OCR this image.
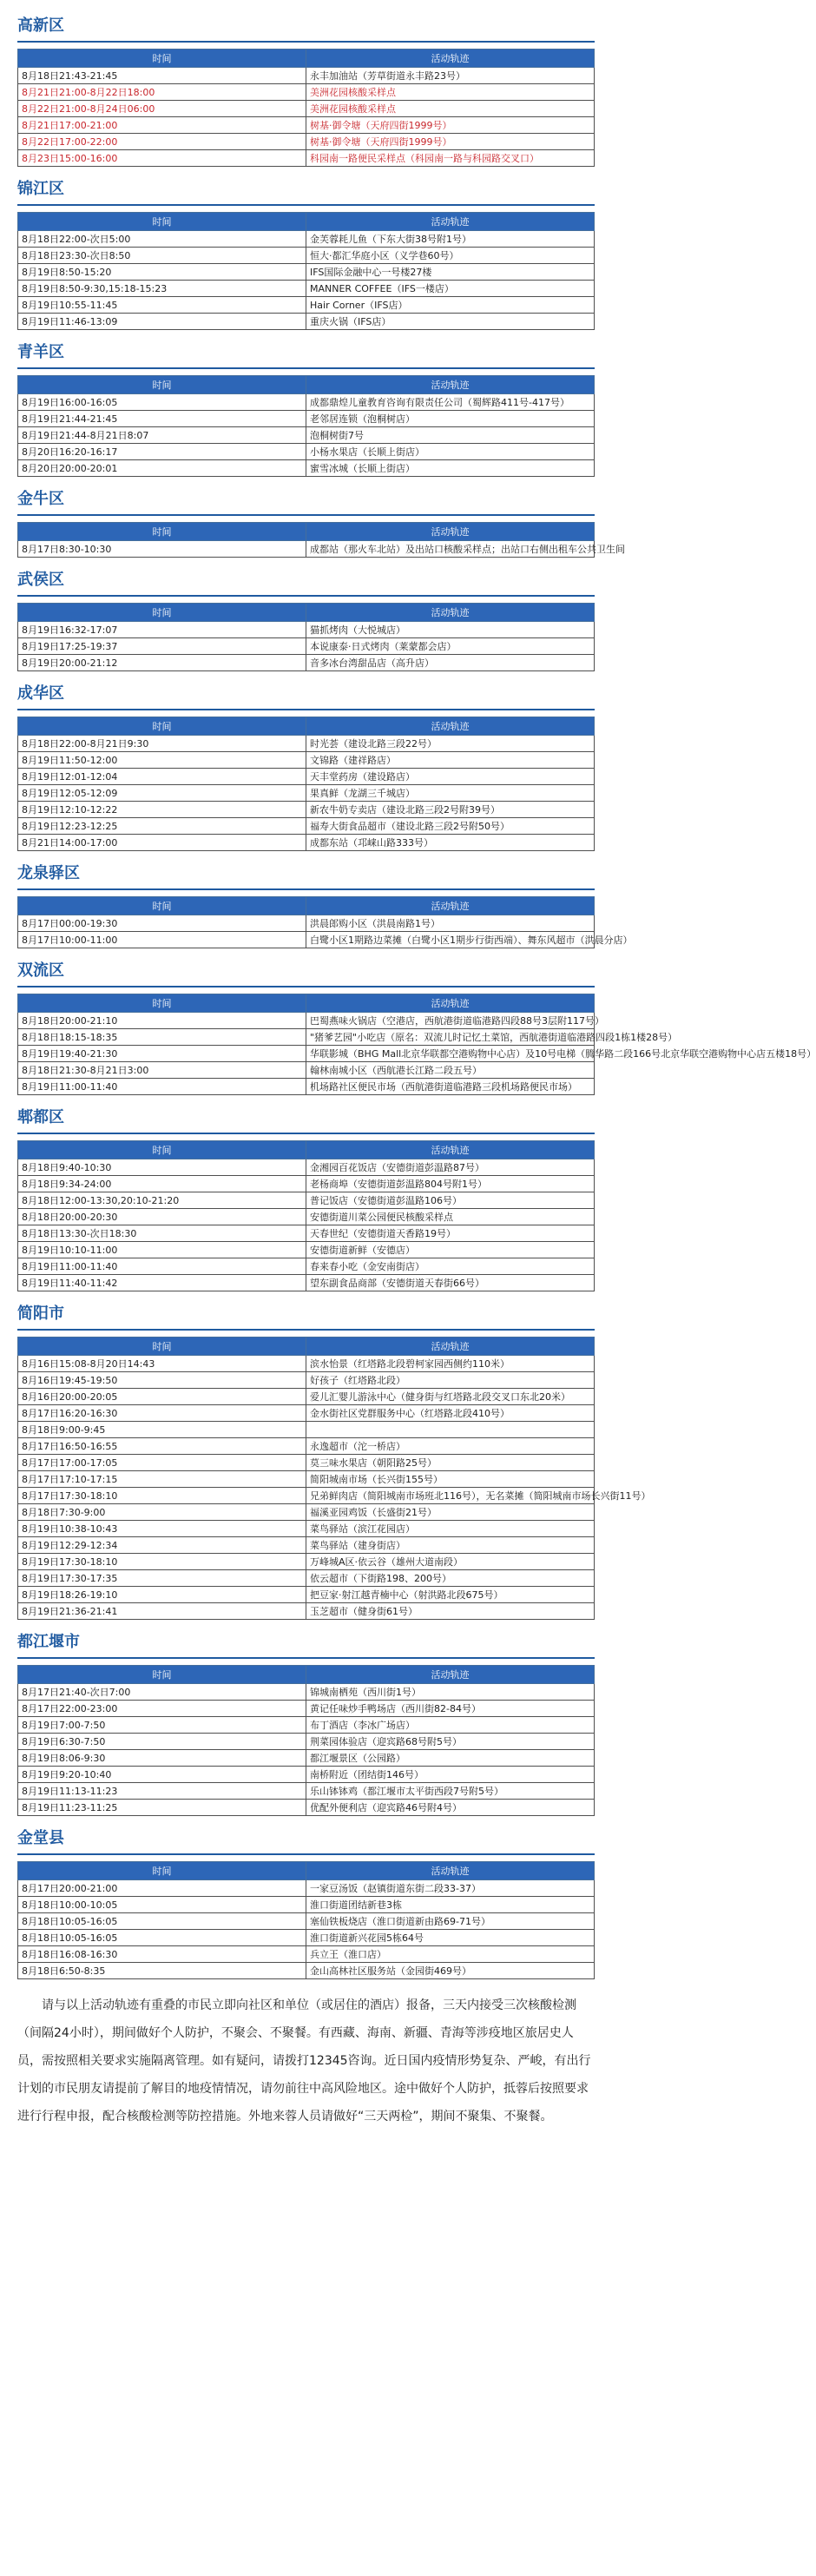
高新区
时间	活动轨迹
8月18日21:43-21:45	永丰加油站（芳草街道永丰路23号）
8月21日21:00-8月22日18:00	美洲花园核酸采样点
8月22日21:00-8月24日06:00	美洲花园核酸采样点
8月21日17:00-21:00	树基·御令塘（天府四街1999号）
8月22日17:00-22:00	树基·御令塘（天府四街1999号）
8月23日15:00-16:00	科园南一路便民采样点（科园南一路与科园路交叉口）
锦江区
时间	活动轨迹
8月18日22:00-次日5:00	金芙蓉耗儿鱼（下东大街38号附1号）
8月18日23:30-次日8:50	恒大·都汇华庭小区（义学巷60号）
8月19日8:50-15:20	IFS国际金融中心一号楼27楼
8月19日8:50-9:30,15:18-15:23	MANNER COFFEE（IFS一楼店）
8月19日10:55-11:45	Hair Corner（IFS店）
8月19日11:46-13:09	重庆火锅（IFS店）
青羊区
时间	活动轨迹
8月19日16:00-16:05	成都鼎煌儿童教育咨询有限责任公司（蜀辉路411号-417号）
8月19日21:44-21:45	老邻居连锁（泡桐树店）
8月19日21:44-8月21日8:07	泡桐树街7号
8月20日16:20-16:17	小杨水果店（长顺上街店）
8月20日20:00-20:01	蜜雪冰城（长顺上街店）
金牛区
时间	活动轨迹
8月17日8:30-10:30	成都站（那火车北站）及出站口核酸采样点；出站口右侧出租车公共卫生间
武侯区
时间	活动轨迹
8月19日16:32-17:07	猫抓烤肉（大悦城店）
8月19日17:25-19:37	本说康泰·日式烤肉（莱蒙都会店）
8月19日20:00-21:12	音多冰台湾甜品店（高升店）
成华区
时间	活动轨迹
8月18日22:00-8月21日9:30	时光荟（建设北路三段22号）
8月19日11:50-12:00	文锦路（建祥路店）
8月19日12:01-12:04	天丰堂药房（建设路店）
8月19日12:05-12:09	果真鲜（龙湖三千城店）
8月19日12:10-12:22	新农牛奶专卖店（建设北路三段2号附39号）
8月19日12:23-12:25	福寿大街食品超市（建设北路三段2号附50号）
8月21日14:00-17:00	成都东站（邛崃山路333号）
龙泉驿区
时间	活动轨迹
8月17日00:00-19:30	洪晨郎购小区（洪晨南路1号）
8月17日10:00-11:00	白鹭小区1期路边菜摊（白鹭小区1期步行街西端）、舞东风超市（洪晨分店）
双流区
时间	活动轨迹
8月18日20:00-21:10	巴蜀燕味火锅店（空港店，西航港街道临港路四段88号3层附117号）
8月18日18:15-18:35	"猪爹艺园"小吃店（原名：双流儿时记忆土菜馆，西航港街道临港路四段1栋1楼28号）
8月19日19:40-21:30	华联影城（BHG Mall北京华联都空港购物中心店）及10号电梯（腾华路二段166号北京华联空港购物中心店五楼18号）
8月18日21:30-8月21日3:00	翰林南城小区（西航港长江路二段五号）
8月19日11:00-11:40	机场路社区便民市场（西航港街道临港路三段机场路便民市场）
郫都区
时间	活动轨迹
8月18日9:40-10:30	金湘园百花饭店（安德街道彭温路87号）
8月18日9:34-24:00	老杨商埠（安德街道彭温路804号附1号）
8月18日12:00-13:30,20:10-21:20	普记饭店（安德街道彭温路106号）
8月18日20:00-20:30	安德街道川菜公园便民核酸采样点
8月18日13:30-次日18:30	天春世纪（安德街道天香路19号）
8月19日10:10-11:00	安德街道新鲜（安德店）
8月19日11:00-11:40	春来春小吃（金安南街店）
8月19日11:40-11:42	望东副食品商部（安德街道天春街66号）
简阳市
时间	活动轨迹
8月16日15:08-8月20日14:43	滨水怡景（红塔路北段碧柯家园西侧约110米）
8月16日19:45-19:50	好孩子（红塔路北段）
8月16日20:00-20:05	爱儿汇婴儿游泳中心（健身街与红塔路北段交叉口东北20米）
8月17日16:20-16:30	金水街社区党群服务中心（红塔路北段410号）
8月18日9:00-9:45	
8月17日16:50-16:55	永逸超市（沱一桥店）
8月17日17:00-17:05	莫三味水果店（朝阳路25号）
8月17日17:10-17:15	简阳城南市场（长兴街155号）
8月17日17:30-18:10	兄弟鲜肉店（简阳城南市场班北116号），无名菜摊（简阳城南市场长兴街11号）
8月18日7:30-9:00	福溪亚园鸡饭（长盛街21号）
8月19日10:38-10:43	菜鸟驿站（滨江花园店）
8月19日12:29-12:34	菜鸟驿站（建身街店）
8月19日17:30-18:10	万峰城A区·依云谷（雄州大道南段）
8月19日17:30-17:35	依云超市（下街路198、200号）
8月19日18:26-19:10	把豆家·射江越青楠中心（射洪路北段675号）
8月19日21:36-21:41	玉芝超市（健身街61号）
都江堰市
时间	活动轨迹
8月17日21:40-次日7:00	锦城南栖苑（西川街1号）
8月17日22:00-23:00	黄记任味炒手鸭场店（西川街82-84号）
8月19日7:00-7:50	布丁酒店（李冰广场店）
8月19日6:30-7:50	荆菜园体验店（迎宾路68号附5号）
8月19日8:06-9:30	都江堰景区（公园路）
8月19日9:20-10:40	南桥附近（团结街146号）
8月19日11:13-11:23	乐山钵钵鸡（都江堰市太平街西段7号附5号）
8月19日11:23-11:25	优配外便利店（迎宾路46号附4号）
金堂县
时间	活动轨迹
8月17日20:00-21:00	一家豆汤饭（赵镇街道东街二段33-37）
8月18日10:00-10:05	淮口街道团结新巷3栋
8月18日10:05-16:05	塞仙铁板烧店（淮口街道新由路69-71号）
8月18日10:05-16:05	淮口街道新兴花园5栋64号
8月18日16:08-16:30	兵立王（淮口店）
8月18日6:50-8:35	金山高林社区服务站（金园街469号）

请与以上活动轨迹有重叠的市民立即向社区和单位（或居住的酒店）报备，三天内接受三次核酸检测（间隔24小时），期间做好个人防护，不聚会、不聚餐。有西藏、海南、新疆、青海等涉疫地区旅居史人员，需按照相关要求实施隔离管理。如有疑问，请拨打12345咨询。近日国内疫情形势复杂、严峻，有出行计划的市民朋友请提前了解目的地疫情情况，请勿前往中高风险地区。途中做好个人防护，抵蓉后按照要求进行行程申报，配合核酸检测等防控措施。外地来蓉人员请做好“三天两检”，期间不聚集、不聚餐。
